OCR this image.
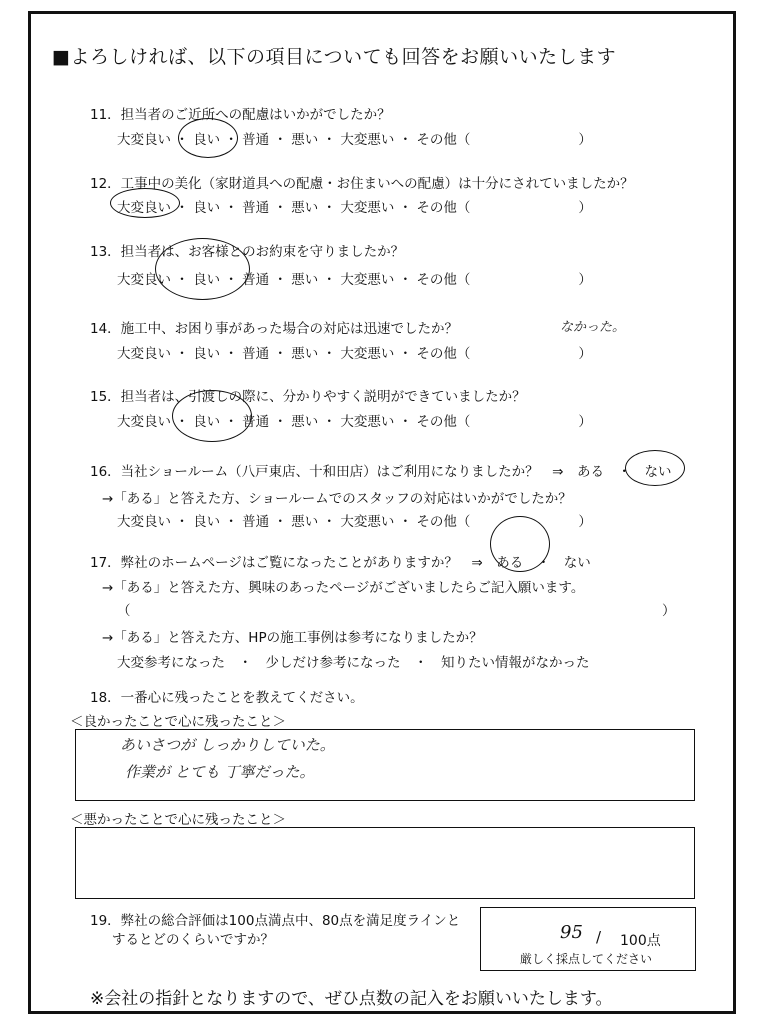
■よろしければ、以下の項目についても回答をお願いいたします
11．担当者のご近所への配慮はいかがでしたか？
大変良い ・ 良い ・ 普通 ・ 悪い ・ 大変悪い ・ その他（　　　　　　　　）
12．工事中の美化（家財道具への配慮・お住まいへの配慮）は十分にされていましたか？
大変良い ・ 良い ・ 普通 ・ 悪い ・ 大変悪い ・ その他（　　　　　　　　）
13．担当者は、お客様とのお約束を守りましたか？
大変良い ・ 良い ・ 普通 ・ 悪い ・ 大変悪い ・ その他（　　　　　　　　）
14．施工中、お困り事があった場合の対応は迅速でしたか？	なかった。
大変良い ・ 良い ・ 普通 ・ 悪い ・ 大変悪い ・ その他（　　　　　　　　）
15．担当者は、引渡しの際に、分かりやすく説明ができていましたか？
大変良い ・ 良い ・ 普通 ・ 悪い ・ 大変悪い ・ その他（　　　　　　　　）
16．当社ショールーム（八戸東店、十和田店）はご利用になりましたか？　⇒　ある　・　ない
→「ある」と答えた方、ショールームでのスタッフの対応はいかがでしたか？
大変良い ・ 良い ・ 普通 ・ 悪い ・ 大変悪い ・ その他（　　　　　　　　）
17．弊社のホームページはご覧になったことがありますか？　⇒　ある　・　ない
→「ある」と答えた方、興味のあったページがございましたらご記入願います。
（	）
→「ある」と答えた方、HPの施工事例は参考になりましたか？
大変参考になった　・　少しだけ参考になった　・　知りたい情報がなかった
18．一番心に残ったことを教えてください。
＜良かったことで心に残ったこと＞
あいさつが しっかりしていた。
作業が とても 丁寧だった。
＜悪かったことで心に残ったこと＞
19．弊社の総合評価は100点満点中、80点を満足度ラインと
するとどのくらいですか？	95 / 100点
厳しく採点してください
※会社の指針となりますので、ぜひ点数の記入をお願いいたします。
